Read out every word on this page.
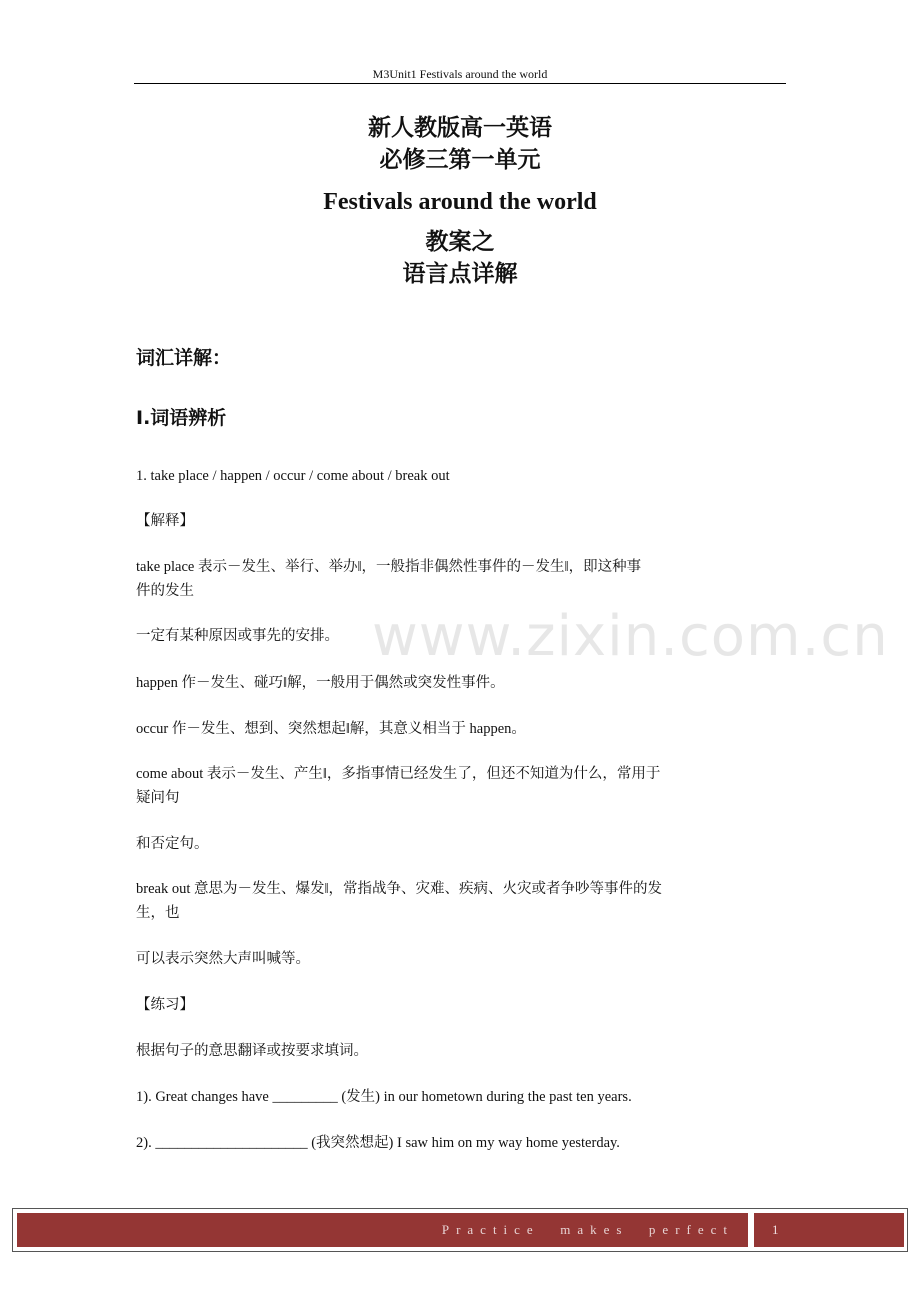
M3Unit1 Festivals around the world
新人教版高一英语
必修三第一单元
Festivals around the world
教案之
语言点详解
词汇详解：
Ⅰ.词语辨析

1. take place / happen / occur / come about / break out

【解释】

take place 表示－发生、举行、举办‖，一般指非偶然性事件的－发生‖，即这种事

件的发生

一定有某种原因或事先的安排。

happen 作－发生、碰巧‖解，一般用于偶然或突发性事件。

occur 作－发生、想到、突然想起‖解，其意义相当于 happen。

come about 表示－发生、产生‖，多指事情已经发生了，但还不知道为什么，常用于

疑问句

和否定句。

break out 意思为－发生、爆发‖，常指战争、灾难、疾病、火灾或者争吵等事件的发

生，也

可以表示突然大声叫喊等。

【练习】

根据句子的意思翻译或按要求填词。

1). Great changes have _________ (发生) in our hometown during the past ten years.

2). _____________________ (我突然想起) I saw him on my way home yesterday.

www.zixin.com.cn
Practice  makes  perfect	1
